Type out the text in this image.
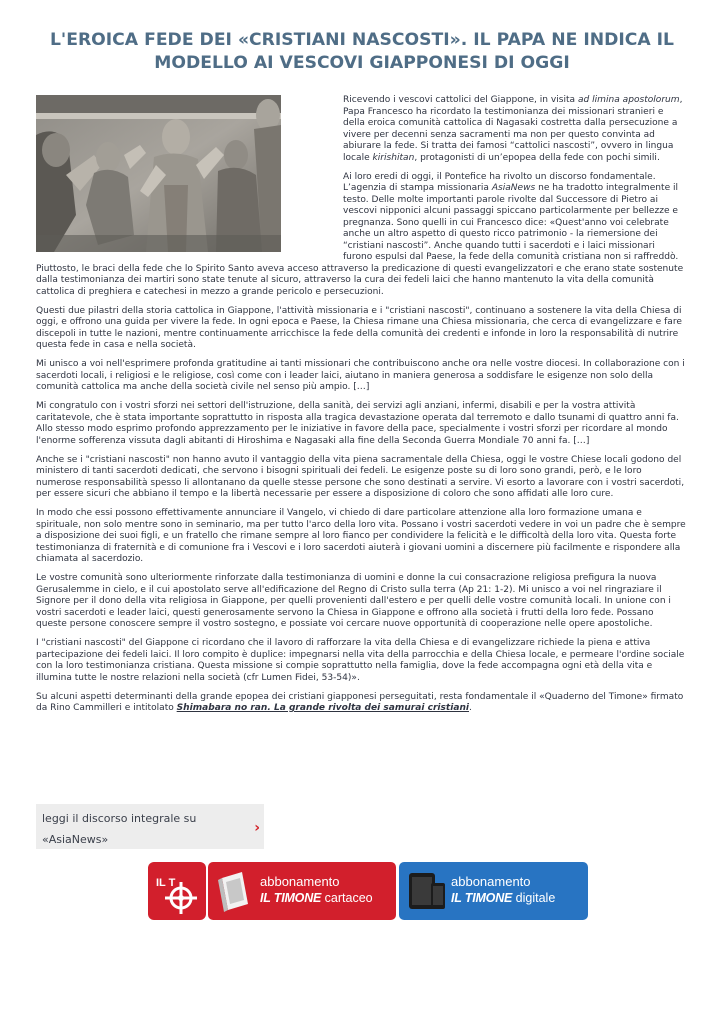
L'EROICA FEDE DEI «CRISTIANI NASCOSTI». IL PAPA NE INDICA IL MODELLO AI VESCOVI GIAPPONESI DI OGGI

Ricevendo i vescovi cattolici del Giappone, in visita ad limina apostolorum, Papa Francesco ha ricordato la testimonianza dei missionari stranieri e della eroica comunità cattolica di Nagasaki costretta dalla persecuzione a vivere per decenni senza sacramenti ma non per questo convinta ad abiurare la fede. Si tratta dei famosi “cattolici nascosti”, ovvero in lingua locale kirishitan, protagonisti di un’epopea della fede con pochi simili.

Ai loro eredi di oggi, il Pontefice ha rivolto un discorso fondamentale. L’agenzia di stampa missionaria AsiaNews ne ha tradotto integralmente il testo. Delle molte importanti parole rivolte dal Successore di Pietro ai vescovi nipponici alcuni passaggi spiccano particolarmente per bellezze e pregnanza. Sono quelli in cui Francesco dice: «Quest'anno voi celebrate anche un altro aspetto di questo ricco patrimonio - la riemersione dei “cristiani nascosti”. Anche quando tutti i sacerdoti e i laici missionari furono espulsi dal Paese, la fede della comunità cristiana non si raffreddò. Piuttosto, le braci della fede che lo Spirito Santo aveva acceso attraverso la predicazione di questi evangelizzatori e che erano state sostenute dalla testimonianza dei martiri sono state tenute al sicuro, attraverso la cura dei fedeli laici che hanno mantenuto la vita della comunità cattolica di preghiera e catechesi in mezzo a grande pericolo e persecuzioni.

Questi due pilastri della storia cattolica in Giappone, l'attività missionaria e i "cristiani nascosti", continuano a sostenere la vita della Chiesa di oggi, e offrono una guida per vivere la fede. In ogni epoca e Paese, la Chiesa rimane una Chiesa missionaria, che cerca di evangelizzare e fare discepoli in tutte le nazioni, mentre continuamente arricchisce la fede della comunità dei credenti e infonde in loro la responsabilità di nutrire questa fede in casa e nella società.

Mi unisco a voi nell'esprimere profonda gratitudine ai tanti missionari che contribuiscono anche ora nelle vostre diocesi. In collaborazione con i sacerdoti locali, i religiosi e le religiose, così come con i leader laici, aiutano in maniera generosa a soddisfare le esigenze non solo della comunità cattolica ma anche della società civile nel senso più ampio. […]

Mi congratulo con i vostri sforzi nei settori dell'istruzione, della sanità, dei servizi agli anziani, infermi, disabili e per la vostra attività caritatevole, che è stata importante soprattutto in risposta alla tragica devastazione operata dal terremoto e dallo tsunami di quattro anni fa. Allo stesso modo esprimo profondo apprezzamento per le iniziative in favore della pace, specialmente i vostri sforzi per ricordare al mondo l'enorme sofferenza vissuta dagli abitanti di Hiroshima e Nagasaki alla fine della Seconda Guerra Mondiale 70 anni fa. […]

Anche se i "cristiani nascosti" non hanno avuto il vantaggio della vita piena sacramentale della Chiesa, oggi le vostre Chiese locali godono del ministero di tanti sacerdoti dedicati, che servono i bisogni spirituali dei fedeli. Le esigenze poste su di loro sono grandi, però, e le loro numerose responsabilità spesso li allontanano da quelle stesse persone che sono destinati a servire. Vi esorto a lavorare con i vostri sacerdoti, per essere sicuri che abbiano il tempo e la libertà necessarie per essere a disposizione di coloro che sono affidati alle loro cure.

In modo che essi possono effettivamente annunciare il Vangelo, vi chiedo di dare particolare attenzione alla loro formazione umana e spirituale, non solo mentre sono in seminario, ma per tutto l'arco della loro vita. Possano i vostri sacerdoti vedere in voi un padre che è sempre a disposizione dei suoi figli, e un fratello che rimane sempre al loro fianco per condividere la felicità e le difficoltà della loro vita. Questa forte testimonianza di fraternità e di comunione fra i Vescovi e i loro sacerdoti aiuterà i giovani uomini a discernere più facilmente e rispondere alla chiamata al sacerdozio.

Le vostre comunità sono ulteriormente rinforzate dalla testimonianza di uomini e donne la cui consacrazione religiosa prefigura la nuova Gerusalemme in cielo, e il cui apostolato serve all'edificazione del Regno di Cristo sulla terra (Ap 21: 1-2). Mi unisco a voi nel ringraziare il Signore per il dono della vita religiosa in Giappone, per quelli provenienti dall'estero e per quelli delle vostre comunità locali. In unione con i vostri sacerdoti e leader laici, questi generosamente servono la Chiesa in Giappone e offrono alla società i frutti della loro fede. Possano queste persone conoscere sempre il vostro sostegno, e possiate voi cercare nuove opportunità di cooperazione nelle opere apostoliche.

I "cristiani nascosti" del Giappone ci ricordano che il lavoro di rafforzare la vita della Chiesa e di evangelizzare richiede la piena e attiva partecipazione dei fedeli laici. Il loro compito è duplice: impegnarsi nella vita della parrocchia e della Chiesa locale, e permeare l'ordine sociale con la loro testimonianza cristiana. Questa missione si compie soprattutto nella famiglia, dove la fede accompagna ogni età della vita e illumina tutte le nostre relazioni nella società (cfr Lumen Fidei, 53-54)».

Su alcuni aspetti determinanti della grande epopea dei cristiani giapponesi perseguitati, resta fondamentale il «Quaderno del Timone» firmato da Rino Cammilleri e intitolato Shimabara no ran. La grande rivolta dei samurai cristiani.

leggi il discorso integrale su
«AsiaNews»
›
IL T	abbonamento
IL TIMONE cartaceo
abbonamento
IL TIMONE digitale
